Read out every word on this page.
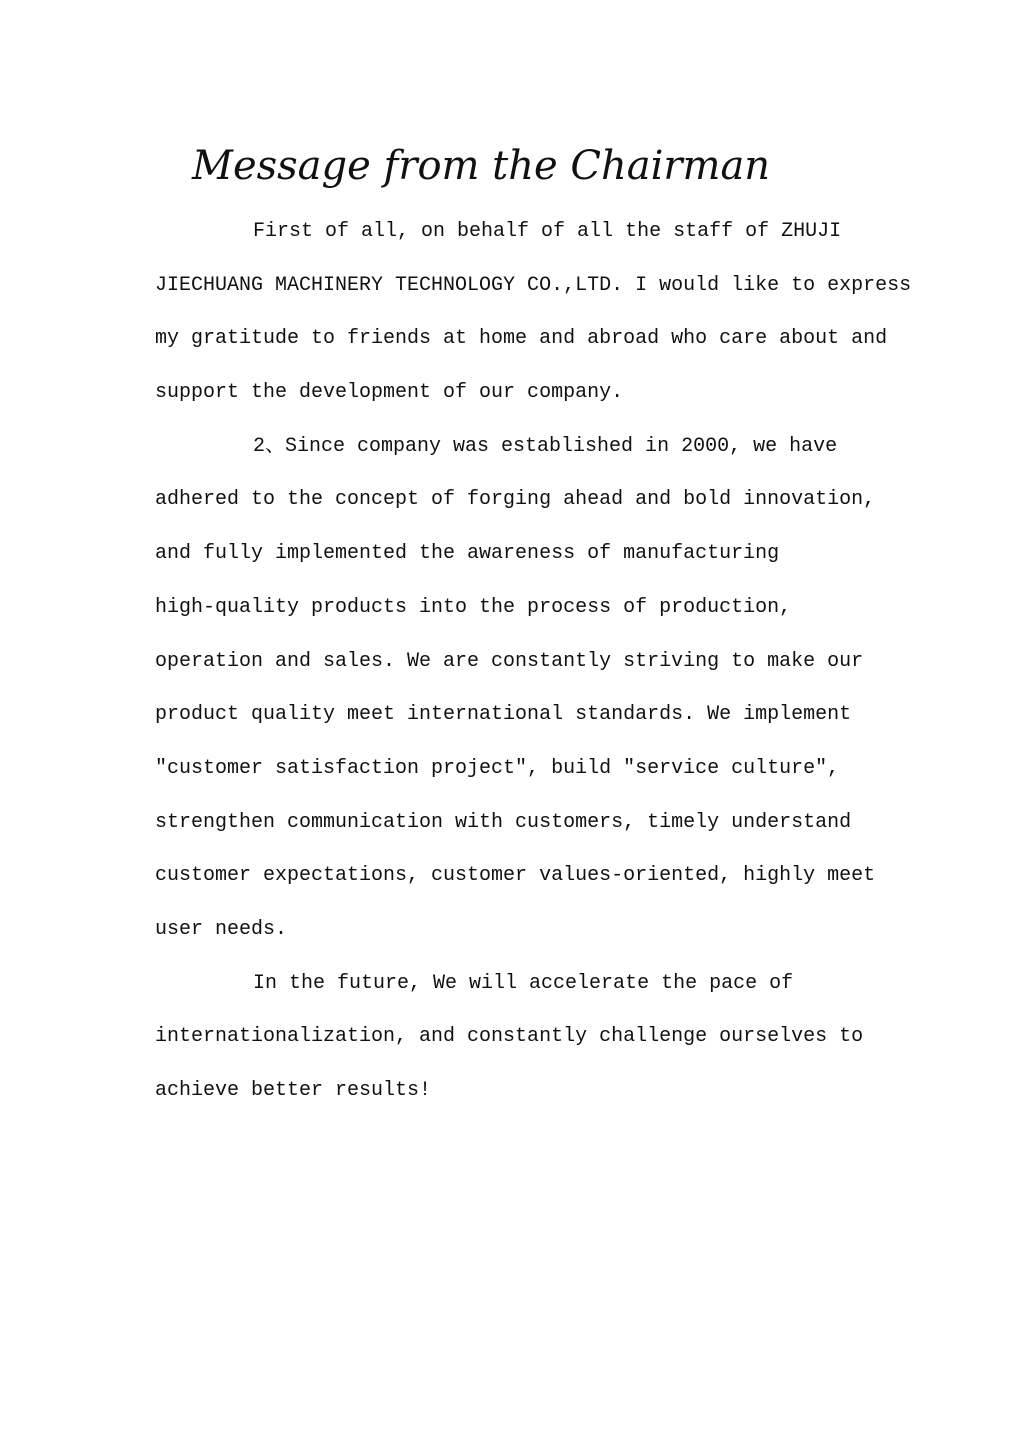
Message from the Chairman
First of all, on behalf of all the staff of ZHUJI
JIECHUANG MACHINERY TECHNOLOGY CO.,LTD. I would like to express
my gratitude to friends at home and abroad who care about and
support the development of our company.
2、Since company was established in 2000, we have
adhered to the concept of forging ahead and bold innovation,
and fully implemented the awareness of manufacturing
high-quality products into the process of production,
operation and sales. We are constantly striving to make our
product quality meet international standards. We implement
"customer satisfaction project", build "service culture",
strengthen communication with customers, timely understand
customer expectations, customer values-oriented, highly meet
user needs.
In the future, We will accelerate the pace of
internationalization, and constantly challenge ourselves to
achieve better results!
